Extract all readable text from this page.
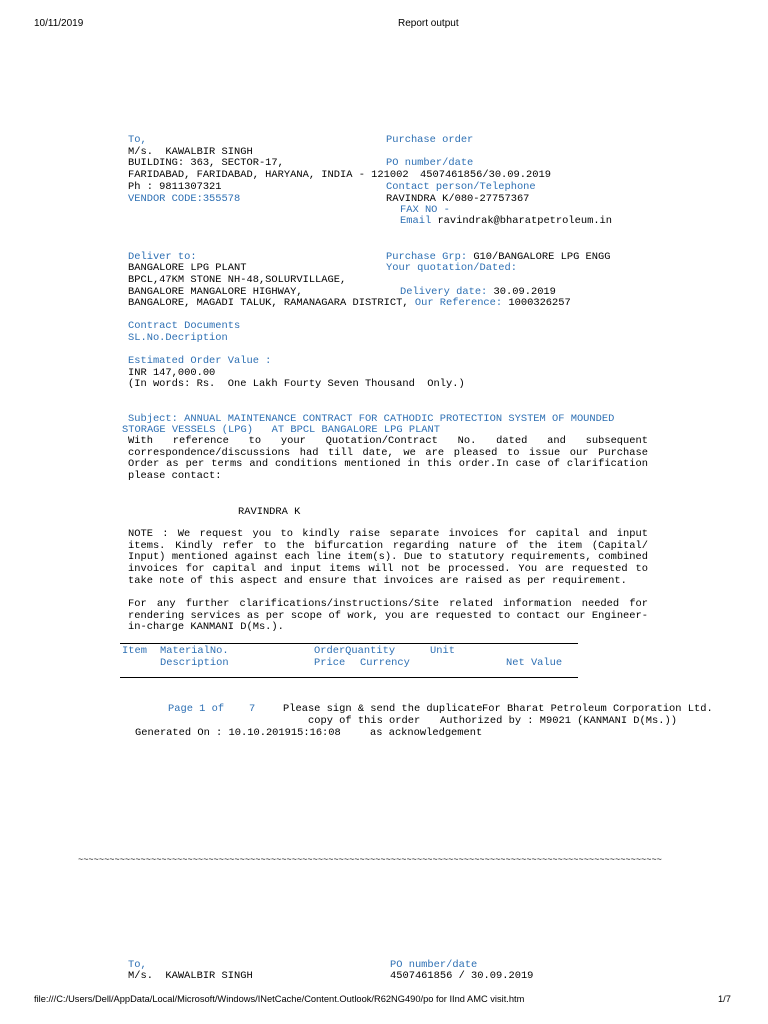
10/11/2019	Report output
To,
M/s.  KAWALBIR SINGH
BUILDING: 363, SECTOR-17,
FARIDABAD, FARIDABAD, HARYANA, INDIA - 121002
Ph : 9811307321
VENDOR CODE:355578
Purchase order
PO number/date
4507461856/30.09.2019
Contact person/Telephone
RAVINDRA K/080-27757367
FAX NO -
Email ravindrak@bharatpetroleum.in
Deliver to:
BANGALORE LPG PLANT
BPCL,47KM STONE NH-48,SOLURVILLAGE,
BANGALORE MANGALORE HIGHWAY,
BANGALORE, MAGADI TALUK, RAMANAGARA DISTRICT, Our Reference: 1000326257
Purchase Grp: G10/BANGALORE LPG ENGG
Your quotation/Dated:
Delivery date: 30.09.2019
Contract Documents
SL.No.Decription
Estimated Order Value :
INR 147,000.00
(In words: Rs.  One Lakh Fourty Seven Thousand  Only.)
Subject: ANNUAL MAINTENANCE CONTRACT FOR CATHODIC PROTECTION SYSTEM OF MOUNDED
STORAGE VESSELS (LPG)   AT BPCL BANGALORE LPG PLANT
With reference to your Quotation/Contract No. dated and subsequent correspondence/discussions had till date, we are pleased to issue our Purchase Order as per terms and conditions mentioned in this order.In case of clarification please contact:
RAVINDRA K
NOTE : We request you to kindly raise separate invoices for capital and input items. Kindly refer to the bifurcation regarding nature of the item (Capital/ Input) mentioned against each line item(s). Due to statutory requirements, combined invoices for capital and input items will not be processed. You are requested to take note of this aspect and ensure that invoices are raised as per requirement.
For any further clarifications/instructions/Site related information needed for rendering services as per scope of work, you are requested to contact our Engineer-in-charge KANMANI D(Ms.).
Item MaterialNo.	OrderQuantity	Unit
Description	Price Currency	Net Value
Page 1 of    7	Please sign & send the duplicate For Bharat Petroleum Corporation Ltd.
copy of this order Authorized by : M9021 (KANMANI D(Ms.))
Generated On : 10.10.201915:16:08	as acknowledgement
~~~~~~~~~~~~~~~~~~~~~~~~~~~~~~~~~~~~~~~~~~~~~~~~~~~~~~~~~~~~~~~~~~~~~~~~~~~~~~~~~~~~~~~~~~~~~~~~~~~~~~~~~~~~~~~~
To,
M/s.  KAWALBIR SINGH
PO number/date
4507461856 / 30.09.2019
file:///C:/Users/Dell/AppData/Local/Microsoft/Windows/INetCache/Content.Outlook/R62NG490/po for IInd AMC visit.htm	1/7
